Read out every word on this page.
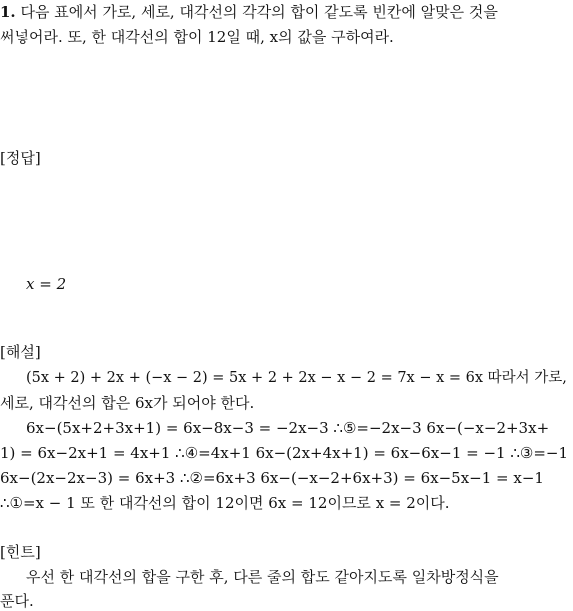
1. 다음 표에서 가로, 세로, 대각선의 각각의 합이 같도록 빈칸에 알맞은 것을
써넣어라. 또, 한 대각선의 합이 12일 때, x의 값을 구하여라.
[정답]
x = 2
[해설]
(5x + 2) + 2x + (−x − 2) = 5x + 2 + 2x − x − 2 = 7x − x = 6x 따라서 가로,
세로, 대각선의 합은 6x가 되어야 한다.
6x−(5x+2+3x+1) = 6x−8x−3 = −2x−3 ∴⑤=−2x−3 6x−(−x−2+3x+
1) = 6x−2x+1 = 4x+1 ∴④=4x+1 6x−(2x+4x+1) = 6x−6x−1 = −1 ∴③=−1
6x−(2x−2x−3) = 6x+3 ∴②=6x+3 6x−(−x−2+6x+3) = 6x−5x−1 = x−1
∴①=x − 1 또 한 대각선의 합이 12이면 6x = 12이므로 x = 2이다.
[힌트]
우선 한 대각선의 합을 구한 후, 다른 줄의 합도 같아지도록 일차방정식을
푼다.
